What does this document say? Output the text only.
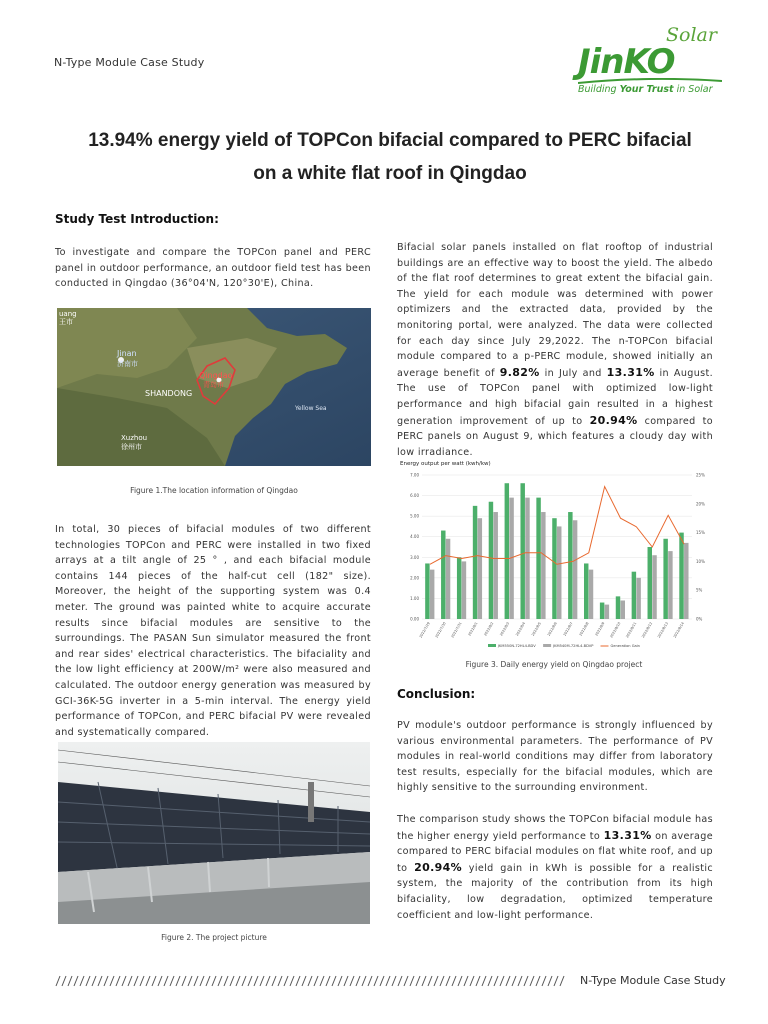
N-Type Module Case Study
Solar
JinKO
Building Your Trust in Solar
13.94% energy yield of TOPCon bifacial compared to PERC bifacial
on a white flat roof in Qingdao
Study Test Introduction:
To investigate and compare the TOPCon panel and PERC panel in outdoor performance, an outdoor field test has been conducted in Qingdao (36°04'N, 120°30'E), China.
uang
王市
Jinan
济南市
Qingdao
青岛市
SHANDONG
Yellow Sea
Xuzhou
徐州市
Figure 1.The location information of Qingdao
In total, 30 pieces of bifacial modules of two different technologies TOPCon and PERC were installed in two fixed arrays at a tilt angle of 25 ° , and each bifacial module contains 144 pieces of the half-cut cell (182" size). Moreover, the height of the supporting system was 0.4 meter. The ground was painted white to acquire accurate results since bifacial modules are sensitive to the surroundings. The PASAN Sun simulator measured the front and rear sides' electrical characteristics. The bifaciality and the low light efficiency at 200W/m² were also measured and calculated. The outdoor energy generation was measured by GCI-36K-5G inverter in a 5-min interval. The energy yield performance of TOPCon, and PERC bifacial PV were revealed and systematically compared.
Figure 2. The project picture
Bifacial solar panels installed on flat rooftop of industrial buildings are an effective way to boost the yield. The albedo of the flat roof determines to great extent the bifacial gain. The yield for each module was determined with power optimizers and the extracted data, provided by the monitoring portal, were analyzed. The data were collected for each day since July 29,2022. The n-TOPCon bifacial module compared to a p-PERC module, showed initially an average benefit of 9.82% in July and 13.31% in August. The use of TOPCon panel with optimized low-light performance and high bifacial gain resulted in a highest generation improvement of up to 20.94% compared to PERC panels on August 9, which features a cloudy day with low irradiance.
Energy output per watt (kwh/kw)
0.00
1.00
2.00
3.00
4.00
5.00
6.00
7.00
0%
5%
10%
15%
20%
25%
2022/7/29 2022/7/30 2022/7/31 2022/8/1 2022/8/2 2022/8/3 2022/8/4 2022/8/5 2022/8/6 2022/8/7 2022/8/8 2022/8/9 2022/8/10 2022/8/11 2022/8/12 2022/8/13 2022/8/14
JKM550N-72HL4-BDV	JKM540M-72HL4-BDVP	Generation Gain
Figure 3. Daily energy yield on Qingdao project
Conclusion:
PV module's outdoor performance is strongly influenced by various environmental parameters. The performance of PV modules in real-world conditions may differ from laboratory test results, especially for the bifacial modules, which are highly sensitive to the surrounding environment.
The comparison study shows the TOPCon bifacial module has the higher energy yield performance to 13.31% on average compared to PERC bifacial modules on flat white roof, and up to 20.94% yield gain in kWh is possible for a realistic system, the majority of the contribution from its high bifaciality, low degradation, optimized temperature coefficient and low-light performance.
N-Type Module Case Study
